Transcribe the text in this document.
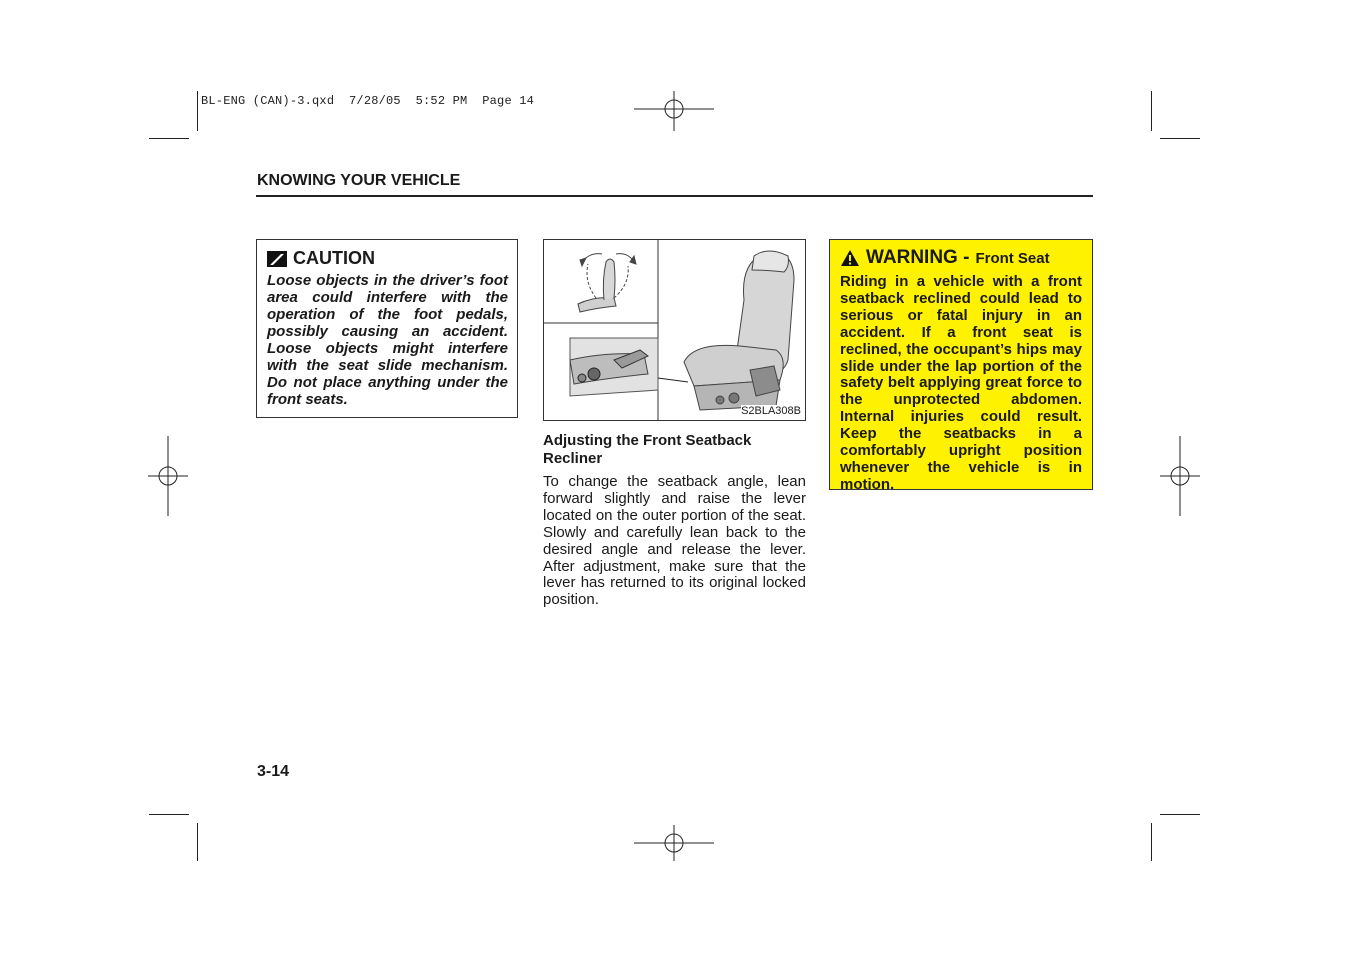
BL-ENG (CAN)-3.qxd  7/28/05  5:52 PM  Page 14
KNOWING YOUR VEHICLE
CAUTION
Loose objects in the driver’s foot area could interfere with the operation of the foot pedals, possibly causing an accident. Loose objects might interfere with the seat slide mechanism. Do not place anything under the front seats.
S2BLA308B
Adjusting the Front Seatback Recliner
To change the seatback angle, lean forward slightly and raise the lever located on the outer portion of the seat. Slowly and carefully lean back to the desired angle and release the lever. After adjustment, make sure that the lever has returned to its original locked position.
WARNING - Front Seat
Riding in a vehicle with a front seatback reclined could lead to serious or fatal injury in an accident. If a front seat is reclined, the occupant’s hips may slide under the lap portion of the safety belt applying great force to the unprotected abdomen. Internal injuries could result. Keep the seatbacks in a comfortably upright position whenever the vehicle is in motion.
3-14
